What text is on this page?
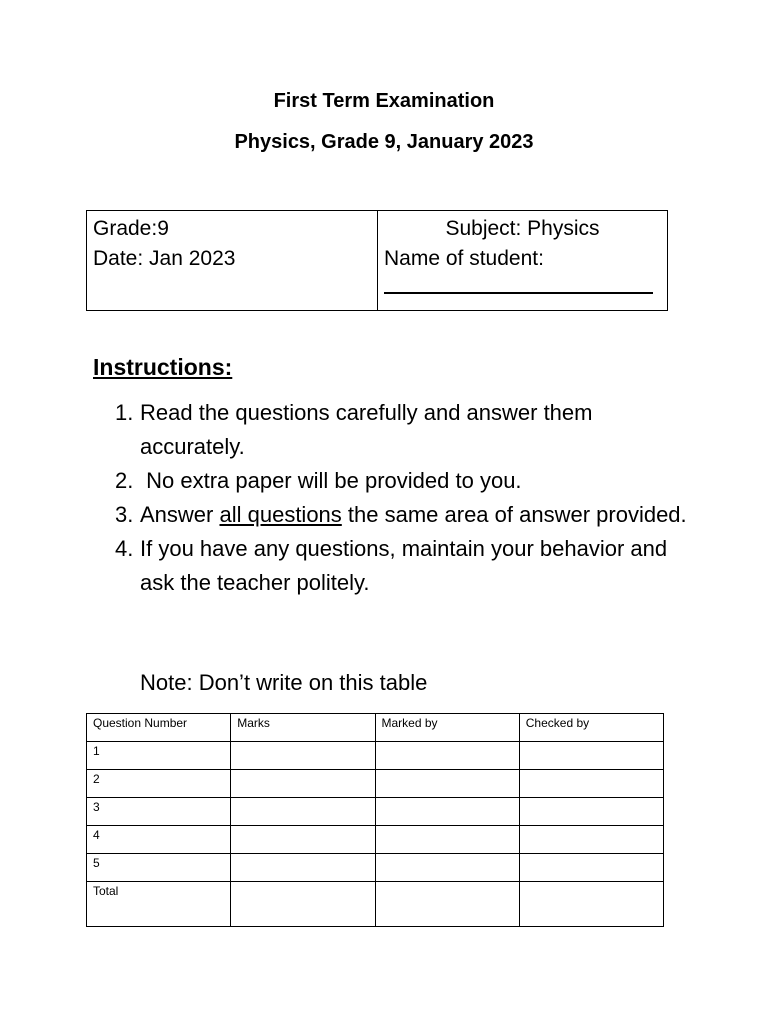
First Term Examination
Physics, Grade 9, January 2023
Grade:9
Date: Jan 2023

Subject: Physics
Name of student:
Instructions:
1. Read the questions carefully and answer them accurately.
2. No extra paper will be provided to you.
3. Answer all questions the same area of answer provided.
4. If you have any questions, maintain your behavior and ask the teacher politely.
Note: Don’t write on this table
Question Number	Marks	Marked by	Checked by
1			
2			
3			
4			
5			
Total			
